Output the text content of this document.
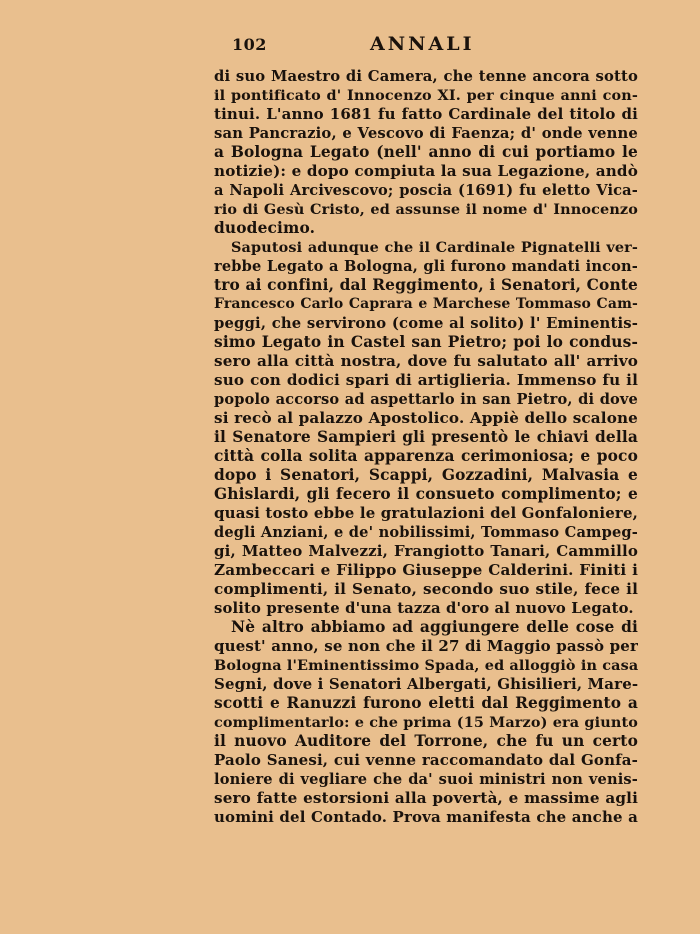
102	ANNALI
di suo Maestro di Camera, che tenne ancora sotto
il pontificato d' Innocenzo XI. per cinque anni con-
tinui. L'anno 1681 fu fatto Cardinale del titolo di
san Pancrazio, e Vescovo di Faenza; d' onde venne
a Bologna Legato (nell' anno di cui portiamo le
notizie): e dopo compiuta la sua Legazione, andò
a Napoli Arcivescovo; poscia (1691) fu eletto Vica-
rio di Gesù Cristo, ed assunse il nome d' Innocenzo
duodecimo.
Saputosi adunque che il Cardinale Pignatelli ver-
rebbe Legato a Bologna, gli furono mandati incon-
tro ai confini, dal Reggimento, i Senatori, Conte
Francesco Carlo Caprara e Marchese Tommaso Cam-
peggi, che servirono (come al solito) l' Eminentis-
simo Legato in Castel san Pietro; poi lo condus-
sero alla città nostra, dove fu salutato all' arrivo
suo con dodici spari di artiglieria. Immenso fu il
popolo accorso ad aspettarlo in san Pietro, di dove
si recò al palazzo Apostolico. Appiè dello scalone
il Senatore Sampieri gli presentò le chiavi della
città colla solita apparenza cerimoniosa; e poco
dopo i Senatori, Scappi, Gozzadini, Malvasia e
Ghislardi, gli fecero il consueto complimento; e
quasi tosto ebbe le gratulazioni del Gonfaloniere,
degli Anziani, e de' nobilissimi, Tommaso Campeg-
gi, Matteo Malvezzi, Frangiotto Tanari, Cammillo
Zambeccari e Filippo Giuseppe Calderini. Finiti i
complimenti, il Senato, secondo suo stile, fece il
solito presente d'una tazza d'oro al nuovo Legato.
Nè altro abbiamo ad aggiungere delle cose di
quest' anno, se non che il 27 di Maggio passò per
Bologna l'Eminentissimo Spada, ed alloggiò in casa
Segni, dove i Senatori Albergati, Ghisilieri, Mare-
scotti e Ranuzzi furono eletti dal Reggimento a
complimentarlo: e che prima (15 Marzo) era giunto
il nuovo Auditore del Torrone, che fu un certo
Paolo Sanesi, cui venne raccomandato dal Gonfa-
loniere di vegliare che da' suoi ministri non venis-
sero fatte estorsioni alla povertà, e massime agli
uomini del Contado. Prova manifesta che anche a
